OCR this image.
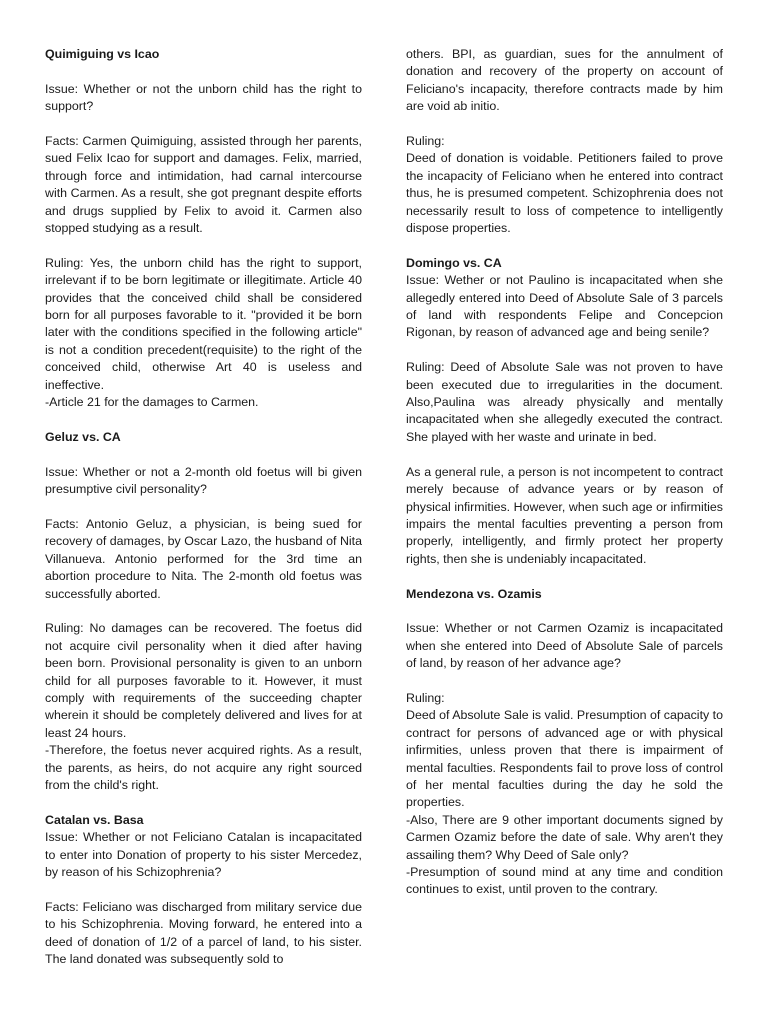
Quimiguing vs Icao

Issue: Whether or not the unborn child has the right to support?

Facts: Carmen Quimiguing, assisted through her parents, sued Felix Icao for support and damages. Felix, married, through force and intimidation, had carnal intercourse with Carmen. As a result, she got pregnant despite efforts and drugs supplied by Felix to avoid it. Carmen also stopped studying as a result.

Ruling: Yes, the unborn child has the right to support, irrelevant if to be born legitimate or illegitimate. Article 40 provides that the conceived child shall be considered born for all purposes favorable to it. "provided it be born later with the conditions specified in the following article" is not a condition precedent(requisite) to the right of the conceived child, otherwise Art 40 is useless and ineffective.

-Article 21 for the damages to Carmen.

Geluz vs. CA

Issue: Whether or not a 2-month old foetus will bi given presumptive civil personality?

Facts: Antonio Geluz, a physician, is being sued for recovery of damages, by Oscar Lazo, the husband of Nita Villanueva. Antonio performed for the 3rd time an abortion procedure to Nita. The 2-month old foetus was successfully aborted.

Ruling: No damages can be recovered. The foetus did not acquire civil personality when it died after having been born. Provisional personality is given to an unborn child for all purposes favorable to it. However, it must comply with requirements of the succeeding chapter wherein it should be completely delivered and lives for at least 24 hours.

-Therefore, the foetus never acquired rights. As a result, the parents, as heirs, do not acquire any right sourced from the child's right.

Catalan vs. Basa

Issue: Whether or not Feliciano Catalan is incapacitated to enter into Donation of property to his sister Mercedez, by reason of his Schizophrenia?

Facts: Feliciano was discharged from military service due to his Schizophrenia. Moving forward, he entered into a deed of donation of 1/2 of a parcel of land, to his sister. The land donated was subsequently sold to

others. BPI, as guardian, sues for the annulment of donation and recovery of the property on account of Feliciano's incapacity, therefore contracts made by him are void ab initio.

Ruling:

Deed of donation is voidable. Petitioners failed to prove the incapacity of Feliciano when he entered into contract thus, he is presumed competent. Schizophrenia does not necessarily result to loss of competence to intelligently dispose properties.

Domingo vs. CA

Issue: Wether or not Paulino is incapacitated when she allegedly entered into Deed of Absolute Sale of 3 parcels of land with respondents Felipe and Concepcion Rigonan, by reason of advanced age and being senile?

Ruling: Deed of Absolute Sale was not proven to have been executed due to irregularities in the document. Also,Paulina was already physically and mentally incapacitated when she allegedly executed the contract. She played with her waste and urinate in bed.

As a general rule, a person is not incompetent to contract merely because of advance years or by reason of physical infirmities. However, when such age or infirmities impairs the mental faculties preventing a person from properly, intelligently, and firmly protect her property rights, then she is undeniably incapacitated.

Mendezona vs. Ozamis

Issue: Whether or not Carmen Ozamiz is incapacitated when she entered into Deed of Absolute Sale of parcels of land, by reason of her advance age?

Ruling:

Deed of Absolute Sale is valid. Presumption of capacity to contract for persons of advanced age or with physical infirmities, unless proven that there is impairment of mental faculties. Respondents fail to prove loss of control of her mental faculties during the day he sold the properties.

-Also, There are 9 other important documents signed by Carmen Ozamiz before the date of sale. Why aren't they assailing them? Why Deed of Sale only?

-Presumption of sound mind at any time and condition continues to exist, until proven to the contrary.
